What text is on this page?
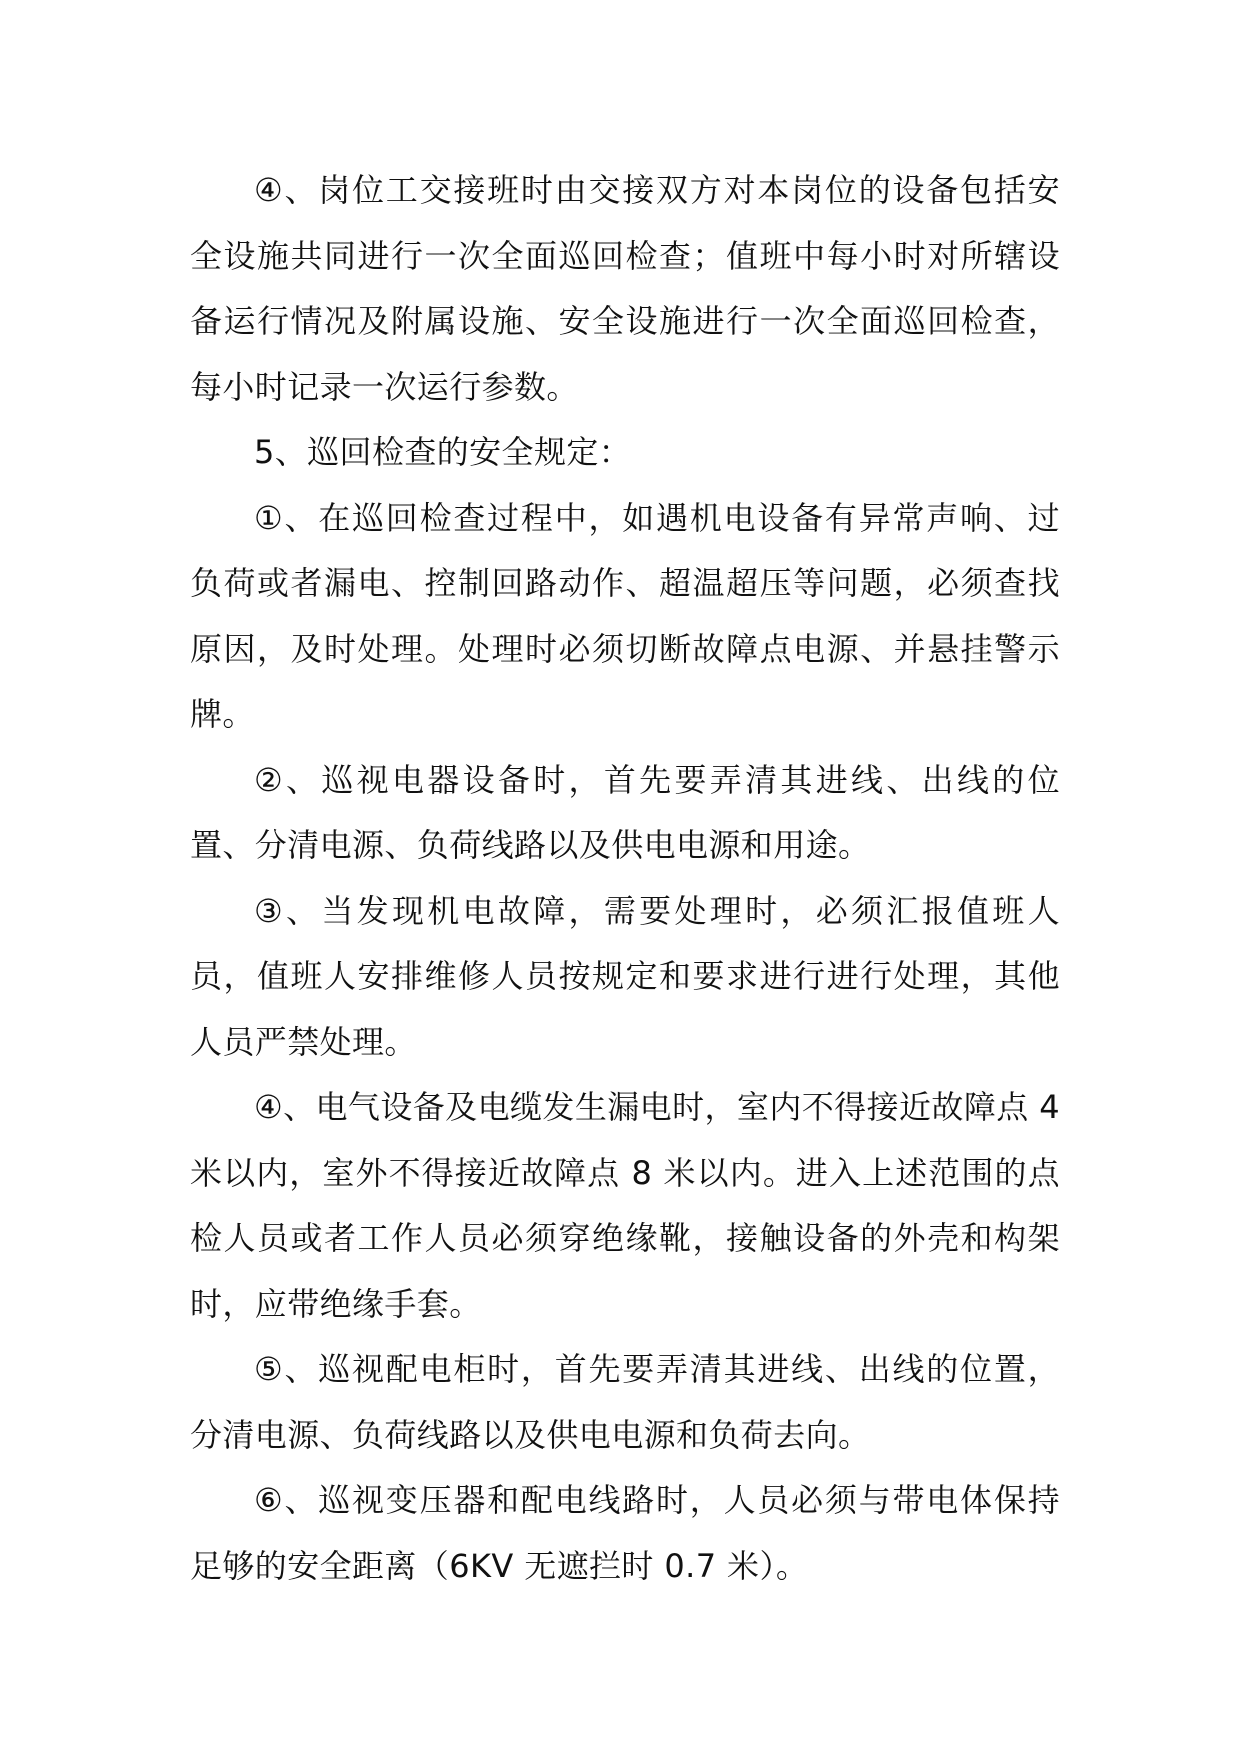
④、岗位工交接班时由交接双方对本岗位的设备包括安全设施共同进行一次全面巡回检查；值班中每小时对所辖设备运行情况及附属设施、安全设施进行一次全面巡回检查，每小时记录一次运行参数。

5、巡回检查的安全规定：

①、在巡回检查过程中，如遇机电设备有异常声响、过负荷或者漏电、控制回路动作、超温超压等问题，必须查找原因，及时处理。处理时必须切断故障点电源、并悬挂警示牌。

②、巡视电器设备时，首先要弄清其进线、出线的位置、分清电源、负荷线路以及供电电源和用途。

③、当发现机电故障，需要处理时，必须汇报值班人员，值班人安排维修人员按规定和要求进行进行处理，其他人员严禁处理。

④、电气设备及电缆发生漏电时，室内不得接近故障点 4 米以内，室外不得接近故障点 8 米以内。进入上述范围的点检人员或者工作人员必须穿绝缘靴，接触设备的外壳和构架时，应带绝缘手套。

⑤、巡视配电柜时，首先要弄清其进线、出线的位置，分清电源、负荷线路以及供电电源和负荷去向。

⑥、巡视变压器和配电线路时，人员必须与带电体保持足够的安全距离（6KV 无遮拦时 0.7 米）。
